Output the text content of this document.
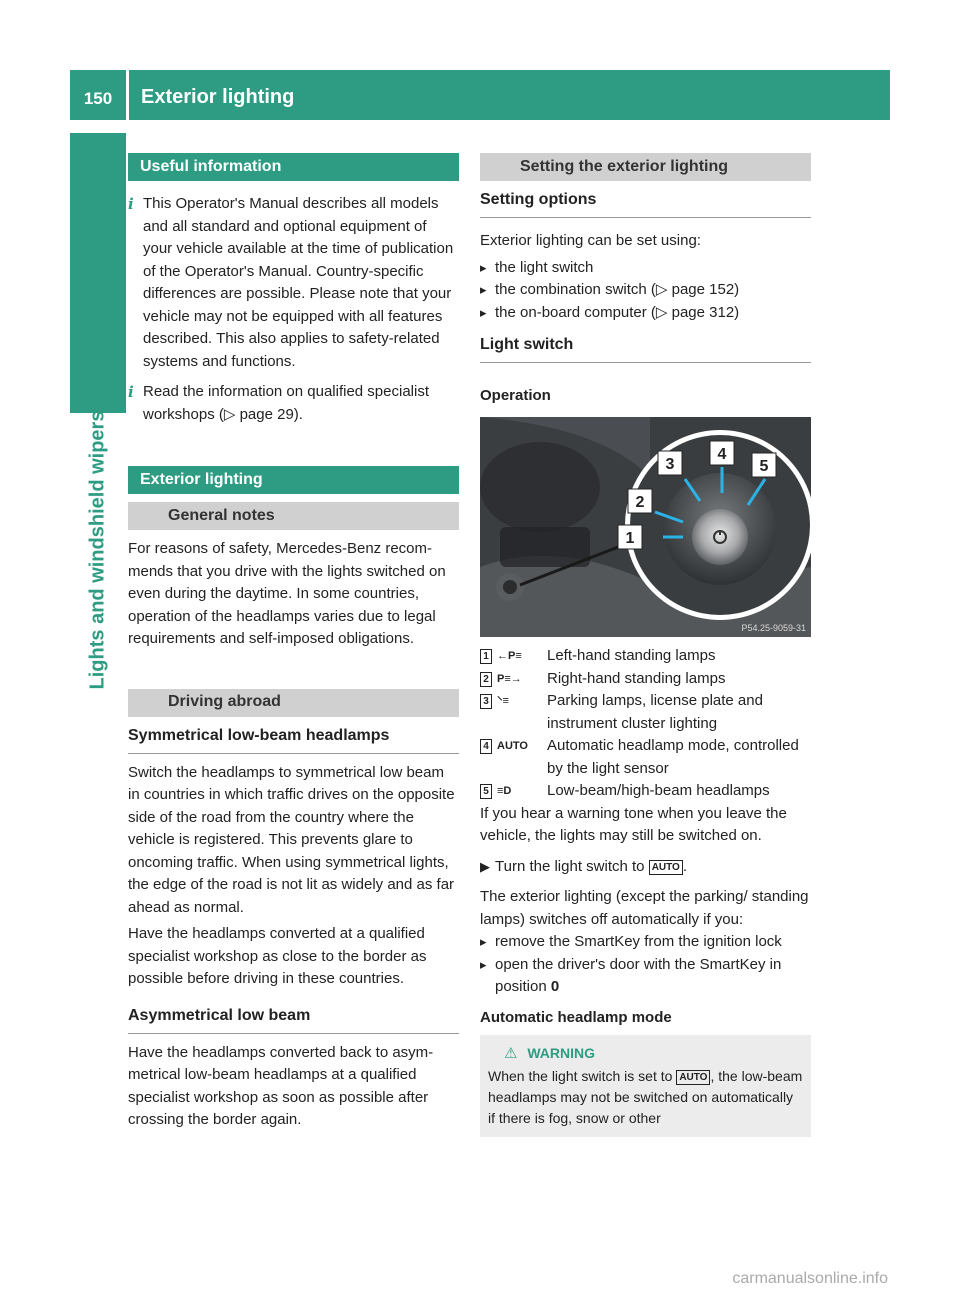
150	Exterior lighting
Lights and windshield wipers
Useful information
i This Operator's Manual describes all models and all standard and optional equipment of your vehicle available at the time of publication of the Operator's Manual. Country-specific differences are possible. Please note that your vehicle may not be equipped with all features described. This also applies to safety-related systems and functions.

i Read the information on qualified specialist workshops (▷ page 29).

Exterior lighting
General notes

For reasons of safety, Mercedes-Benz recommends that you drive with the lights switched on even during the daytime. In some countries, operation of the headlamps varies due to legal requirements and self-imposed obligations.

Driving abroad
Symmetrical low-beam headlamps

Switch the headlamps to symmetrical low beam in countries in which traffic drives on the opposite side of the road from the country where the vehicle is registered. This prevents glare to oncoming traffic. When using symmetrical lights, the edge of the road is not lit as widely and as far ahead as normal.

Have the headlamps converted at a qualified specialist workshop as close to the border as possible before driving in these countries.

Asymmetrical low beam

Have the headlamps converted back to asymmetrical low-beam headlamps at a qualified specialist workshop as soon as possible after crossing the border again.

Setting the exterior lighting
Setting options

Exterior lighting can be set using:

▸ the light switch
▸ the combination switch (▷ page 152)
▸ the on-board computer (▷ page 312)
Light switch
Operation
1
2
3
4
5
P54.25-9059-31
1 ←P≡	Left-hand standing lamps
2 P≡→	Right-hand standing lamps
3 ⸌≡	Parking lamps, license plate and instrument cluster lighting
4 AUTO	Automatic headlamp mode, controlled by the light sensor
5 ≡D	Low-beam/high-beam headlamps

If you hear a warning tone when you leave the vehicle, the lights may still be switched on.

▶ Turn the light switch to AUTO .

The exterior lighting (except the parking/ standing lamps) switches off automatically if you:

▸ remove the SmartKey from the ignition lock
▸ open the driver's door with the SmartKey in position 0
Automatic headlamp mode
⚠ WARNING

When the light switch is set to AUTO , the low-beam headlamps may not be switched on automatically if there is fog, snow or other

carmanualsonline.info
